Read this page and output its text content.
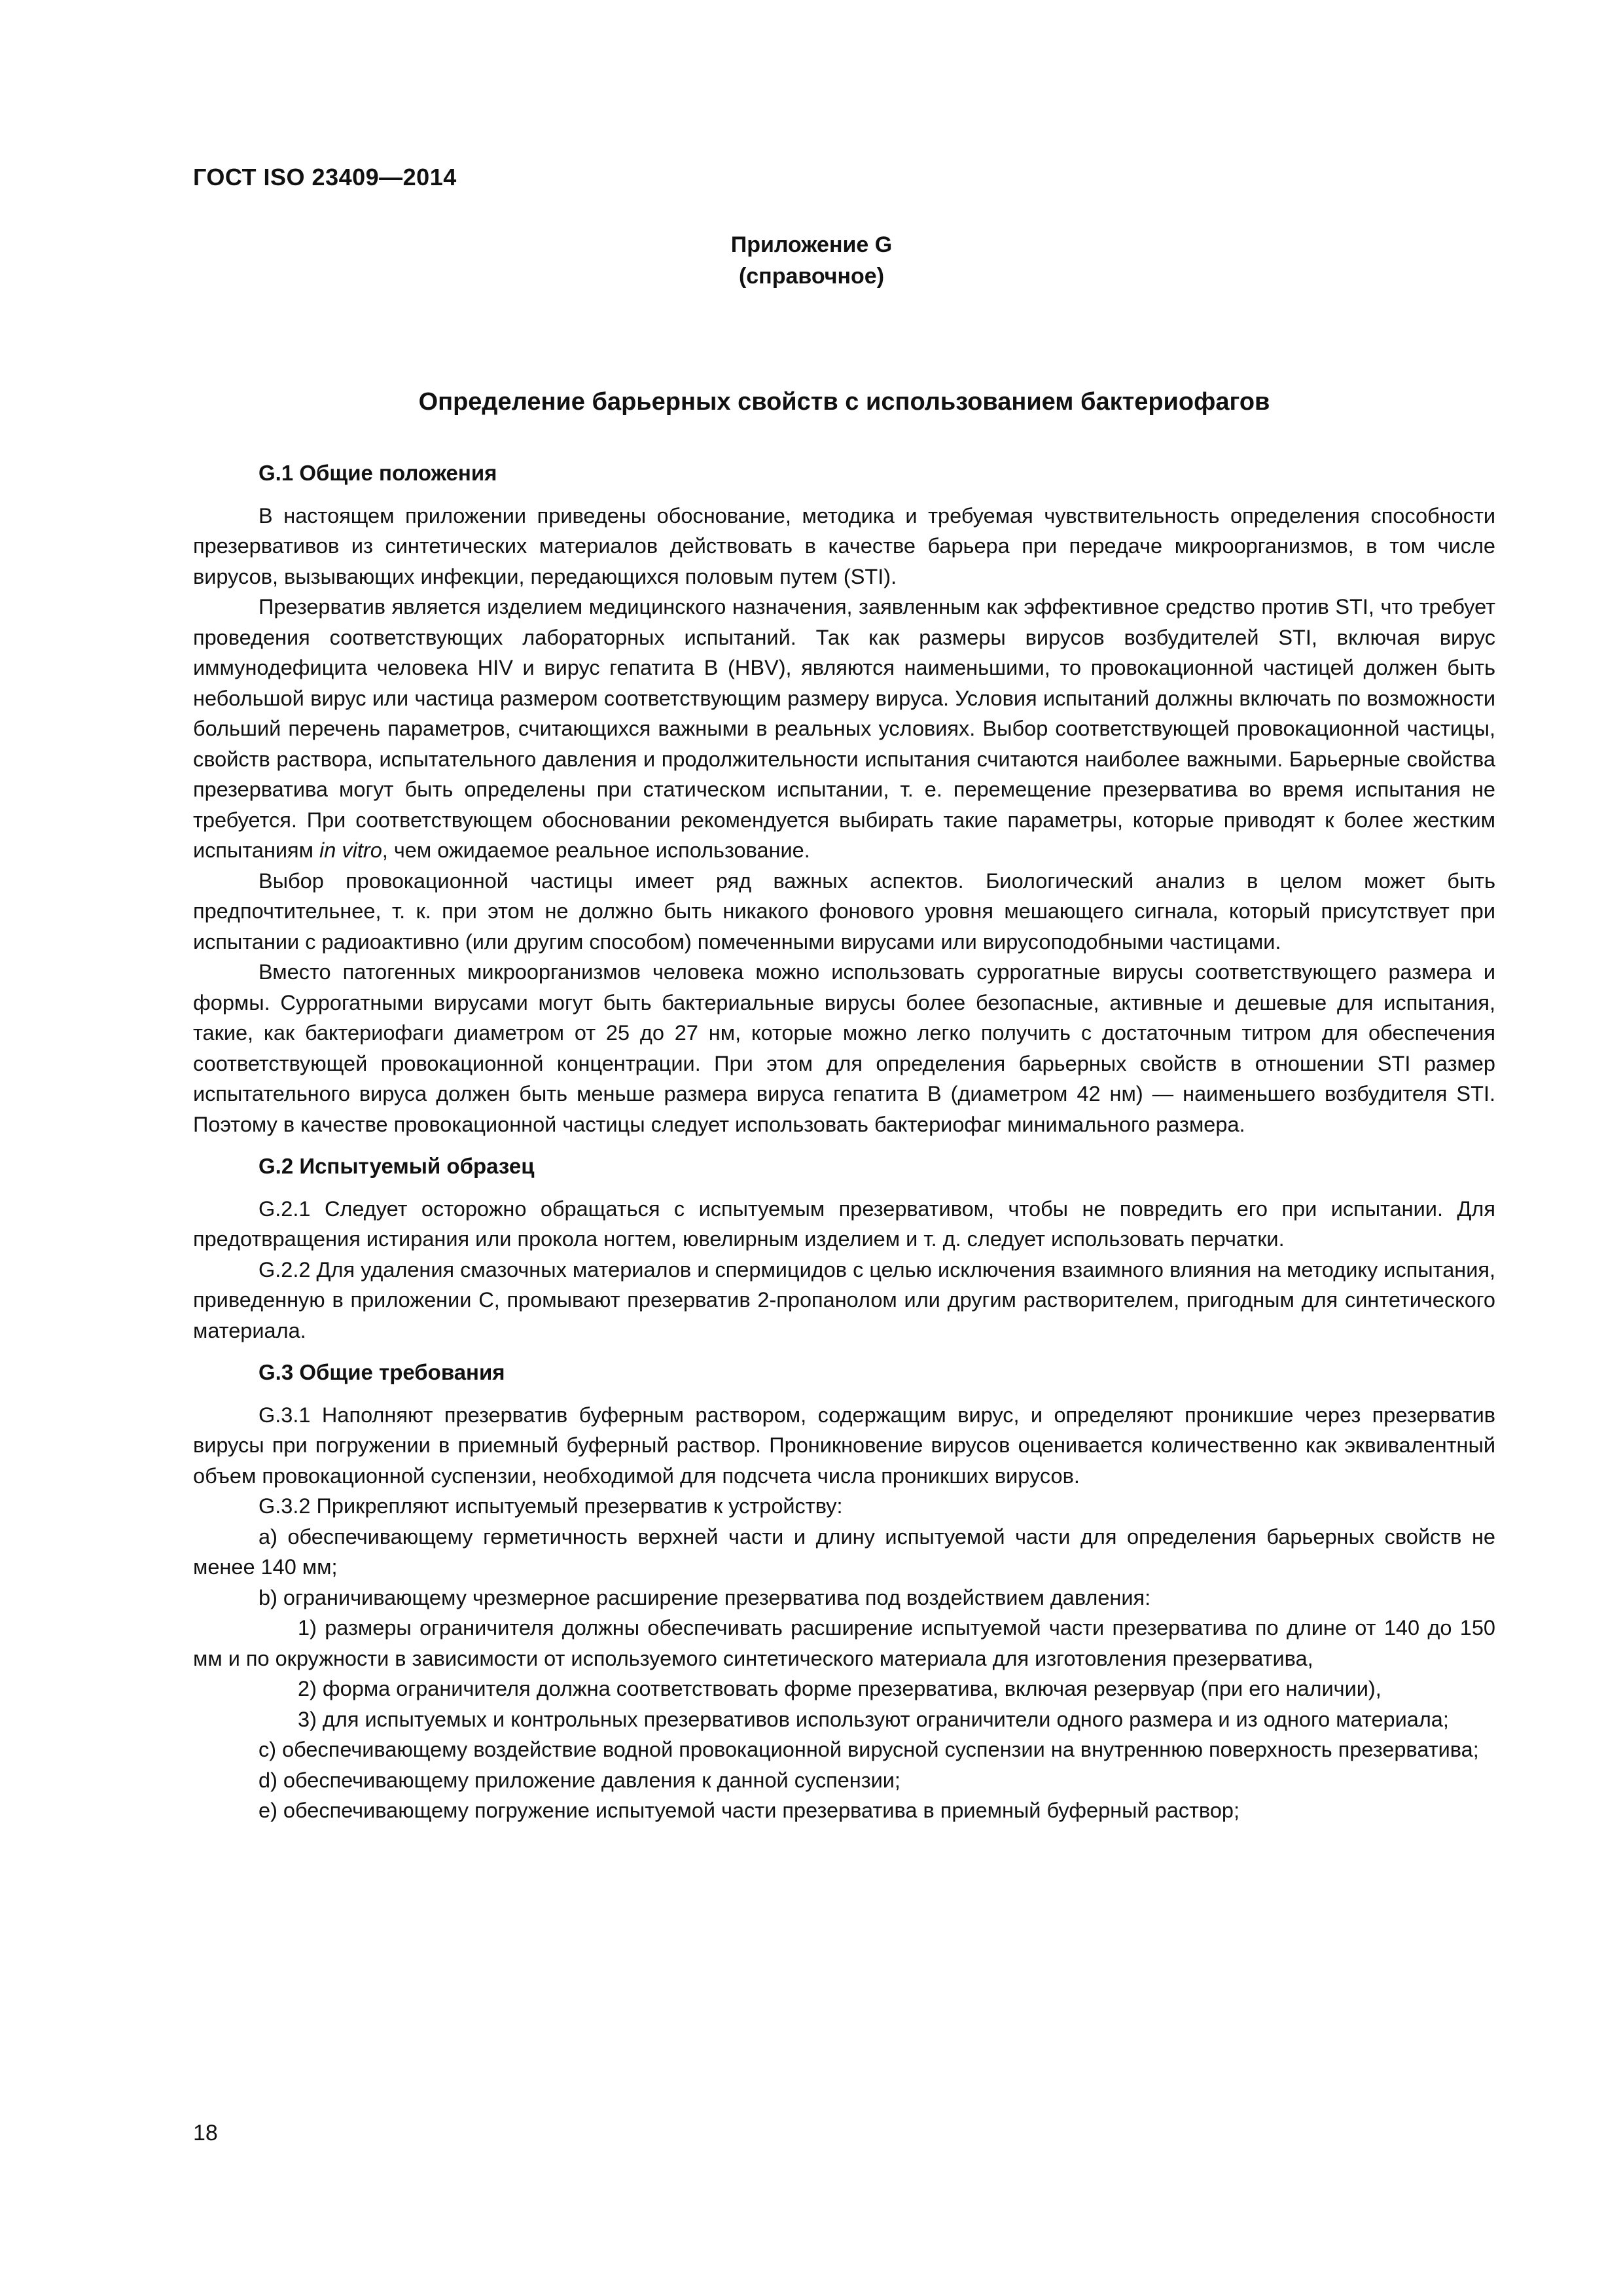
ГОСТ ISO 23409—2014
Приложение G
(справочное)
Определение барьерных свойств с использованием бактериофагов
G.1 Общие положения

В настоящем приложении приведены обоснование, методика и требуемая чувствительность определения способности презервативов из синтетических материалов действовать в качестве барьера при передаче микроорганизмов, в том числе вирусов, вызывающих инфекции, передающихся половым путем (STI).

Презерватив является изделием медицинского назначения, заявленным как эффективное средство против STI, что требует проведения соответствующих лабораторных испытаний. Так как размеры вирусов возбудителей STI, включая вирус иммунодефицита человека HIV и вирус гепатита В (HBV), являются наименьшими, то провокационной частицей должен быть небольшой вирус или частица размером соответствующим размеру вируса. Условия испытаний должны включать по возможности больший перечень параметров, считающихся важными в реальных условиях. Выбор соответствующей провокационной частицы, свойств раствора, испытательного давления и продолжительности испытания считаются наиболее важными. Барьерные свойства презерватива могут быть определены при статическом испытании, т. е. перемещение презерватива во время испытания не требуется. При соответствующем обосновании рекомендуется выбирать такие параметры, которые приводят к более жестким испытаниям in vitro, чем ожидаемое реальное использование.

Выбор провокационной частицы имеет ряд важных аспектов. Биологический анализ в целом может быть предпочтительнее, т. к. при этом не должно быть никакого фонового уровня мешающего сигнала, который присутствует при испытании с радиоактивно (или другим способом) помеченными вирусами или вирусоподобными частицами.

Вместо патогенных микроорганизмов человека можно использовать суррогатные вирусы соответствующего размера и формы. Суррогатными вирусами могут быть бактериальные вирусы более безопасные, активные и дешевые для испытания, такие, как бактериофаги диаметром от 25 до 27 нм, которые можно легко получить с достаточным титром для обеспечения соответствующей провокационной концентрации. При этом для определения барьерных свойств в отношении STI размер испытательного вируса должен быть меньше размера вируса гепатита В (диаметром 42 нм) — наименьшего возбудителя STI. Поэтому в качестве провокационной частицы следует использовать бактериофаг минимального размера.

G.2 Испытуемый образец

G.2.1 Следует осторожно обращаться с испытуемым презервативом, чтобы не повредить его при испытании. Для предотвращения истирания или прокола ногтем, ювелирным изделием и т. д. следует использовать перчатки.

G.2.2 Для удаления смазочных материалов и спермицидов с целью исключения взаимного влияния на методику испытания, приведенную в приложении С, промывают презерватив 2-пропанолом или другим растворителем, пригодным для синтетического материала.

G.3 Общие требования

G.3.1 Наполняют презерватив буферным раствором, содержащим вирус, и определяют проникшие через презерватив вирусы при погружении в приемный буферный раствор. Проникновение вирусов оценивается количественно как эквивалентный объем провокационной суспензии, необходимой для подсчета числа проникших вирусов.

G.3.2 Прикрепляют испытуемый презерватив к устройству:

а) обеспечивающему герметичность верхней части и длину испытуемой части для определения барьерных свойств не менее 140 мм;

b) ограничивающему чрезмерное расширение презерватива под воздействием давления:

1) размеры ограничителя должны обеспечивать расширение испытуемой части презерватива по длине от 140 до 150 мм и по окружности в зависимости от используемого синтетического материала для изготовления презерватива,

2) форма ограничителя должна соответствовать форме презерватива, включая резервуар (при его наличии),

3) для испытуемых и контрольных презервативов используют ограничители одного размера и из одного материала;

с) обеспечивающему воздействие водной провокационной вирусной суспензии на внутреннюю поверхность презерватива;

d) обеспечивающему приложение давления к данной суспензии;

е) обеспечивающему погружение испытуемой части презерватива в приемный буферный раствор;

18
